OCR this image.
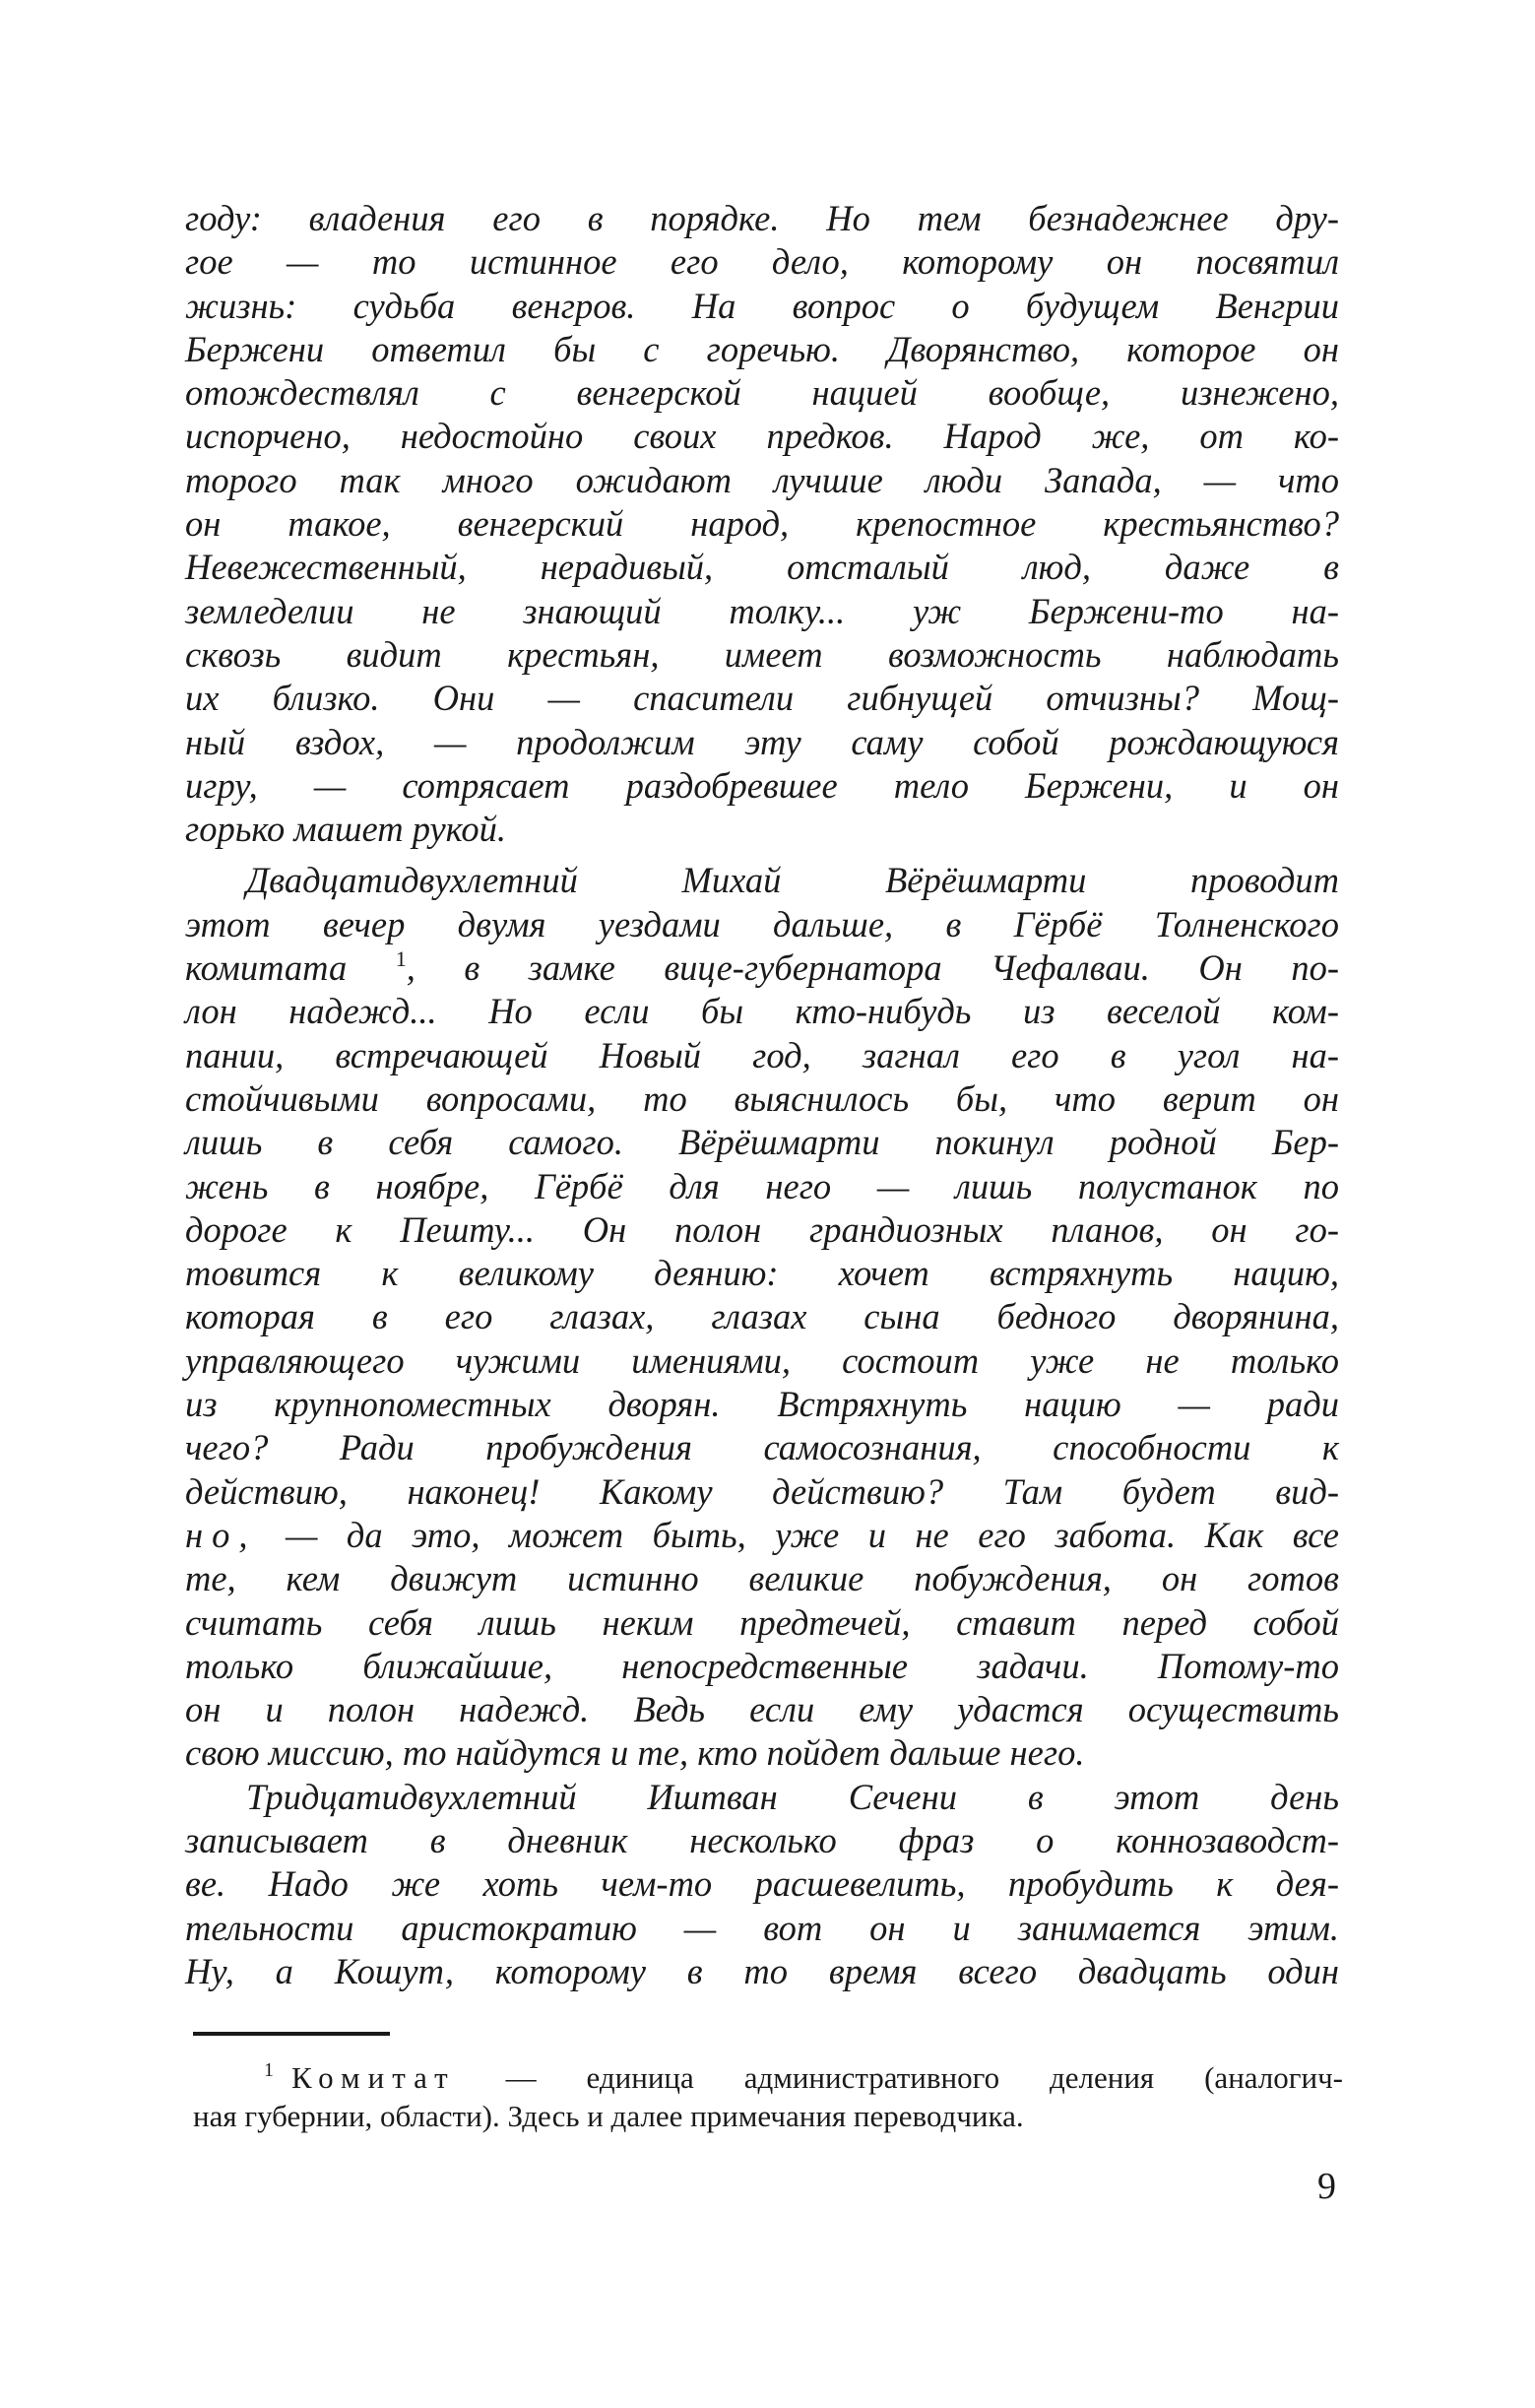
году: владения его в порядке. Но тем безнадежнее дру-
гое — то истинное его дело, которому он посвятил
жизнь: судьба венгров. На вопрос о будущем Венгрии
Бержени ответил бы с горечью. Дворянство, которое он
отождествлял с венгерской нацией вообще, изнежено,
испорчено, недостойно своих предков. Народ же, от ко-
торого так много ожидают лучшие люди Запада, — что
он такое, венгерский народ, крепостное крестьянство?
Невежественный, нерадивый, отсталый люд, даже в
земледелии не знающий толку... уж Бержени-то на-
сквозь видит крестьян, имеет возможность наблюдать
их близко. Они — спасители гибнущей отчизны? Мощ-
ный вздох, — продолжим эту саму собой рождающуюся
игру, — сотрясает раздобревшее тело Бержени, и он
горько машет рукой.
Двадцатидвухлетний Михай Вёрёшмарти проводит
этот вечер двумя уездами дальше, в Гёрбё Толненского
комитата $^1$, в замке вице-губернатора Чефалваи. Он по-
лон надежд... Но если бы кто-нибудь из веселой ком-
пании, встречающей Новый год, загнал его в угол на-
стойчивыми вопросами, то выяснилось бы, что верит он
лишь в себя самого. Вёрёшмарти покинул родной Бер-
жень в ноябре, Гёрбё для него — лишь полустанок по
дороге к Пешту... Он полон грандиозных планов, он го-
товится к великому деянию: хочет встряхнуть нацию,
которая в его глазах, глазах сына бедного дворянина,
управляющего чужими имениями, состоит уже не только
из крупнопоместных дворян. Встряхнуть нацию — ради
чего? Ради пробуждения самосознания, способности к
действию, наконец! Какому действию? Там будет вид-
но, — да это, может быть, уже и не его забота. Как все
те, кем движут истинно великие побуждения, он готов
считать себя лишь неким предтечей, ставит перед собой
только ближайшие, непосредственные задачи. Потому-то
он и полон надежд. Ведь если ему удастся осуществить
свою миссию, то найдутся и те, кто пойдет дальше него.
Тридцатидвухлетний Иштван Сечени в этот день
записывает в дневник несколько фраз о коннозаводст-
ве. Надо же хоть чем-то расшевелить, пробудить к дея-
тельности аристократию — вот он и занимается этим.
Ну, а Кошут, которому в то время всего двадцать один
$^1$ Комитат — единица административного деления (аналогич-
ная губернии, области). Здесь и далее примечания переводчика.
9
